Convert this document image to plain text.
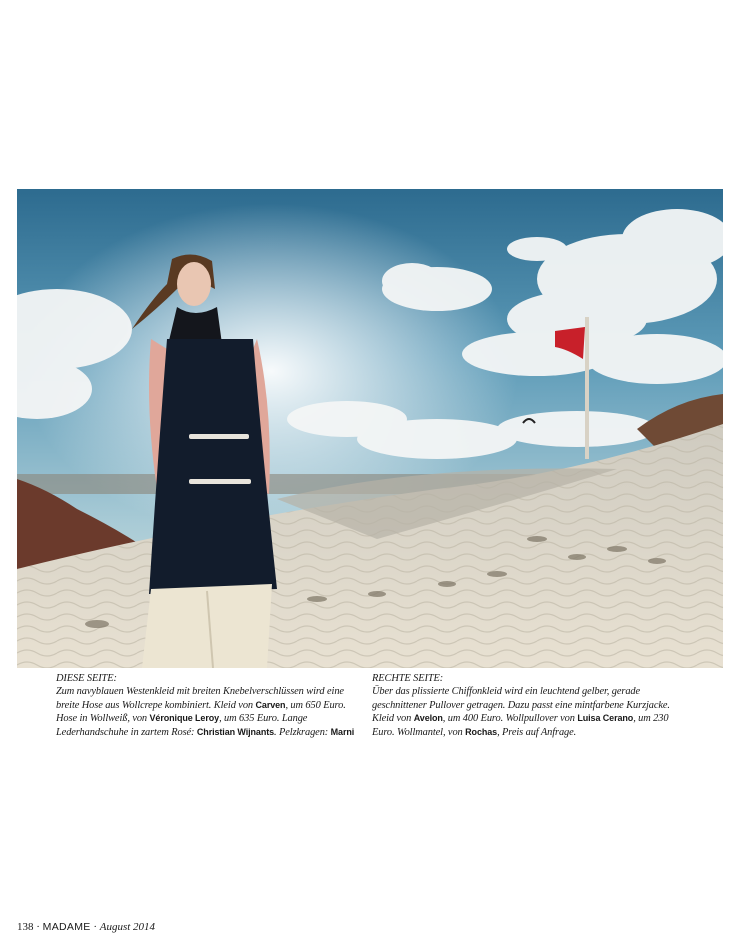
DIESE SEITE:
Zum navyblauen Westenkleid mit breiten Knebelverschlüssen wird eine breite Hose aus Wollcrepe kombiniert. Kleid von Carven, um 650 Euro. Hose in Wollweiß, von Véronique Leroy, um 635 Euro. Lange Lederhandschuhe in zartem Rosé: Christian Wijnants. Pelzkragen: Marni
RECHTE SEITE:
Über das plissierte Chiffonkleid wird ein leuchtend gelber, gerade geschnittener Pullover getragen. Dazu passt eine mintfarbene Kurzjacke. Kleid von Avelon, um 400 Euro. Wollpullover von Luisa Cerano, um 230 Euro. Wollmantel, von Rochas, Preis auf Anfrage.
138 · MADAME · August 2014
